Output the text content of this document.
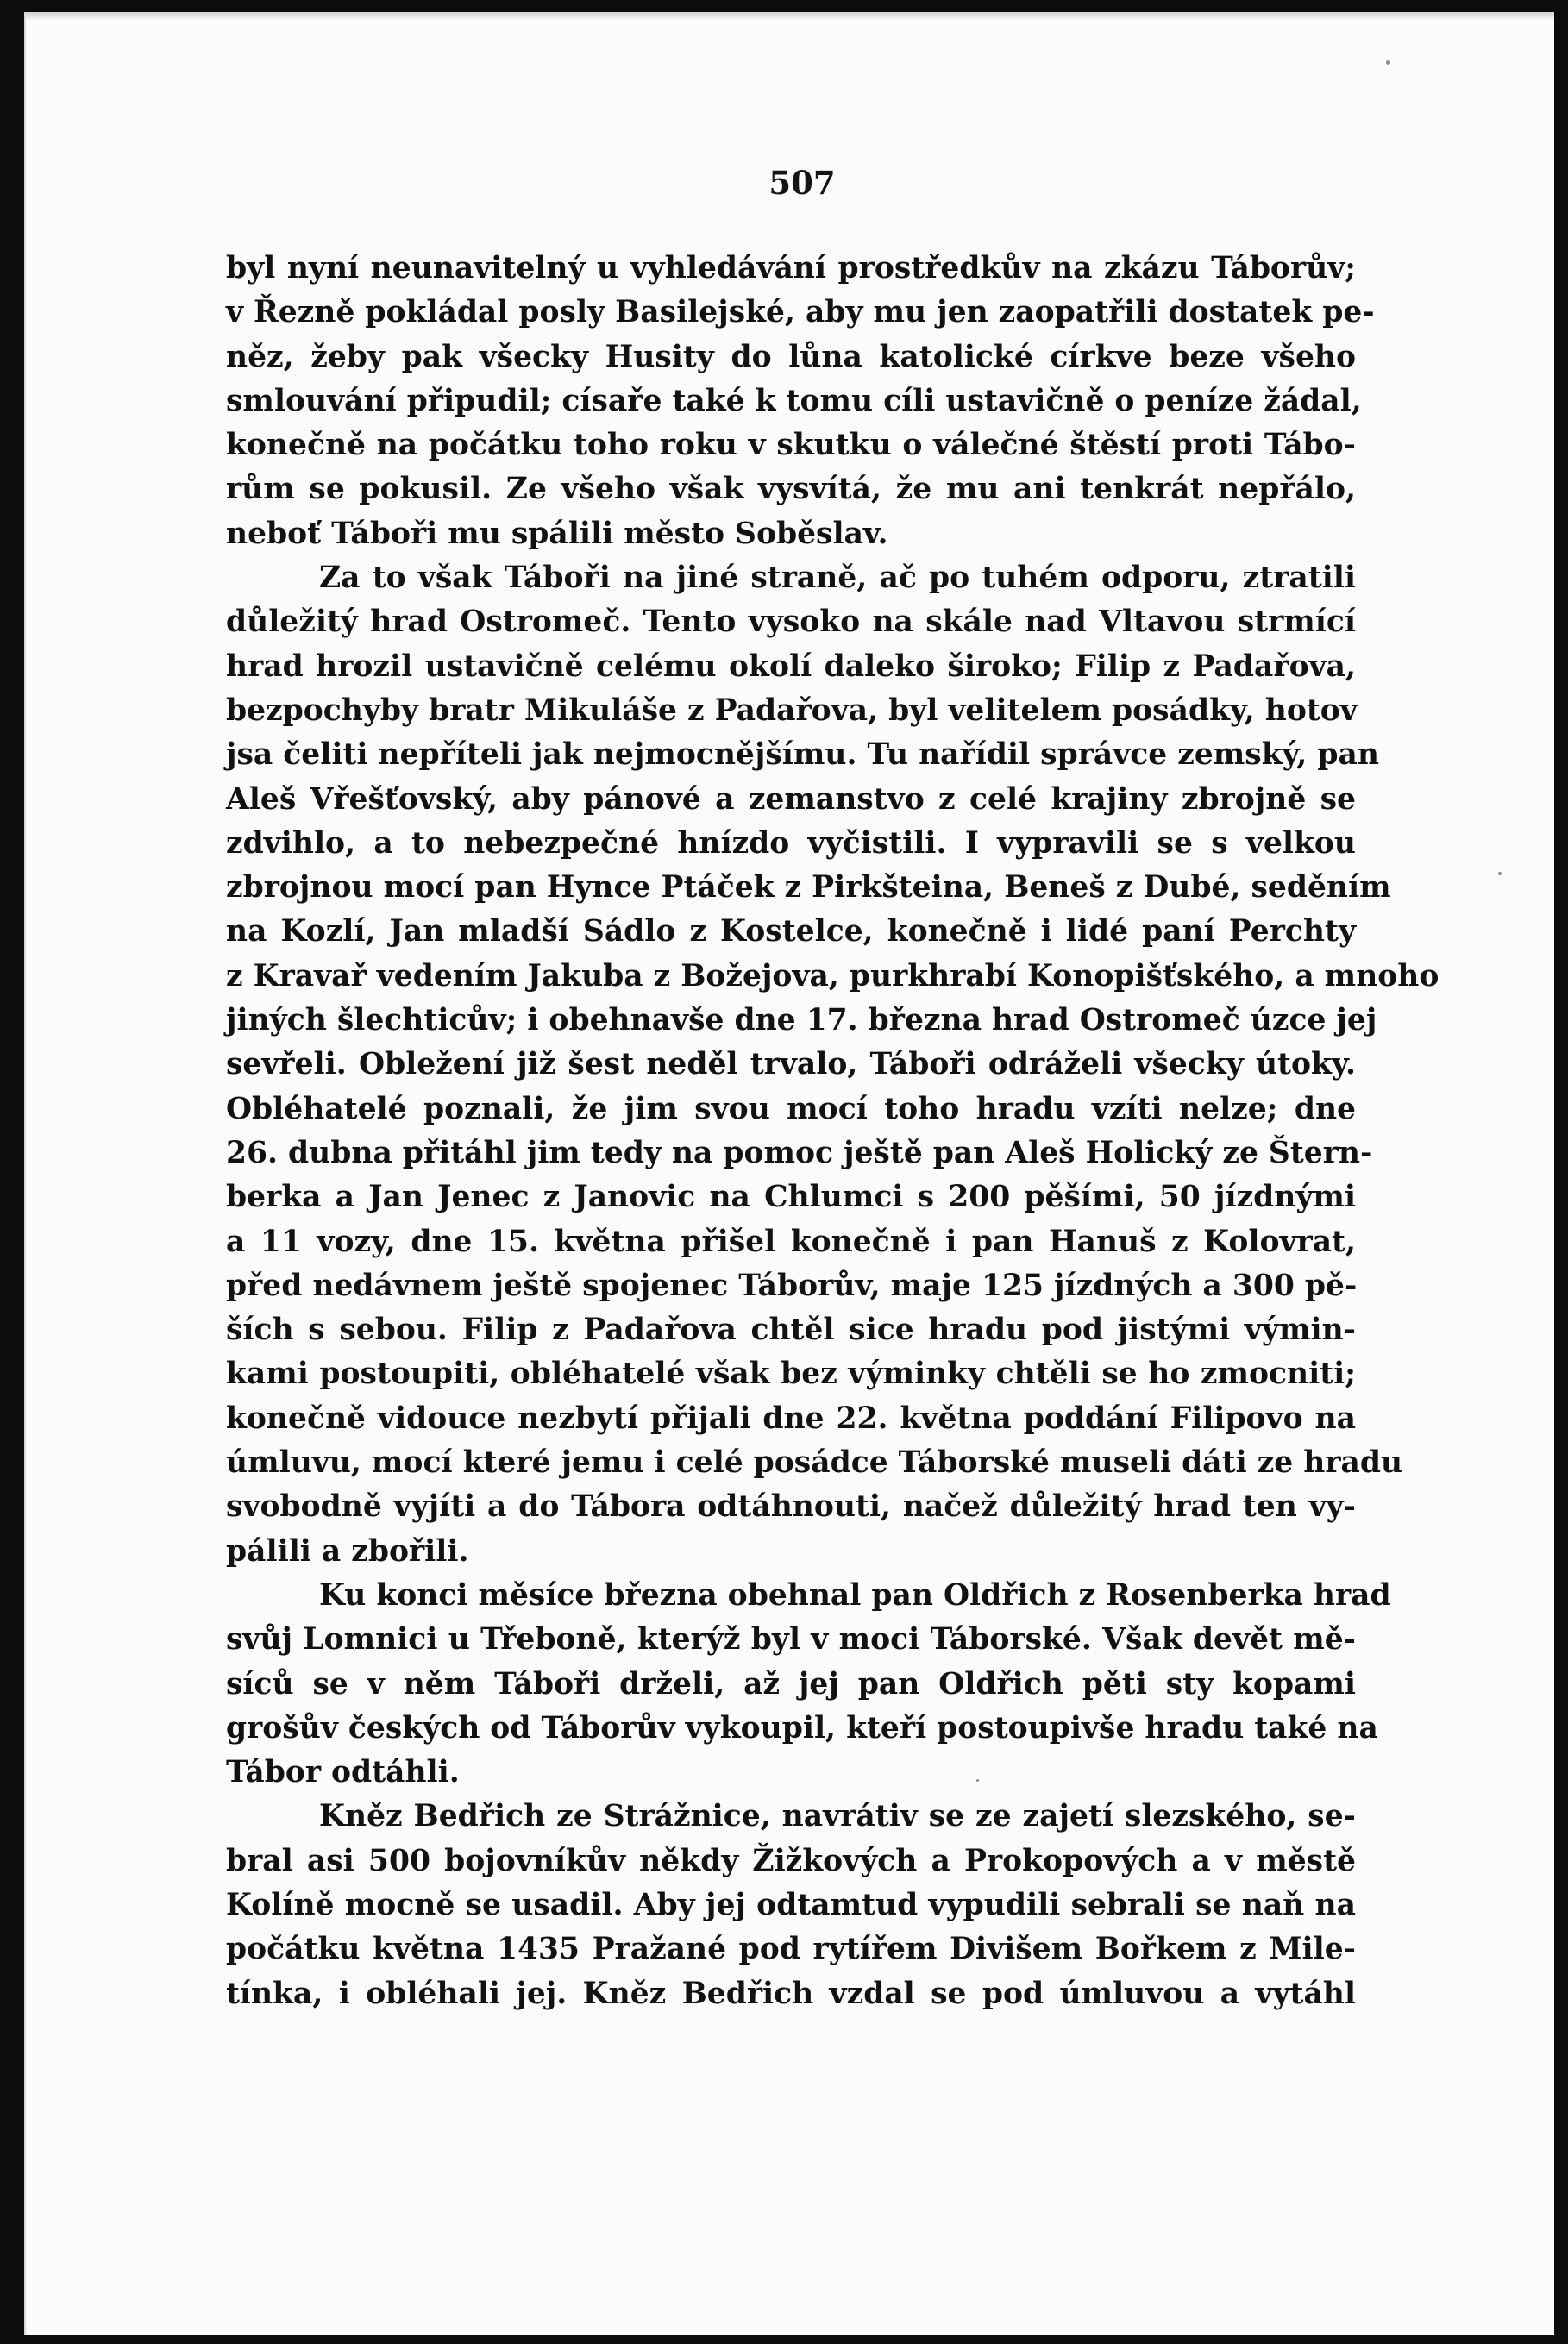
507
byl nyní neunavitelný u vyhledávání prostředkův na zkázu Táborův;
v Řezně pokládal posly Basilejské, aby mu jen zaopatřili dostatek pe-
něz, žeby pak všecky Husity do lůna katolické církve beze všeho
smlouvání připudil; císaře také k tomu cíli ustavičně o peníze žádal,
konečně na počátku toho roku v skutku o válečné štěstí proti Tábo-
rům se pokusil. Ze všeho však vysvítá, že mu ani tenkrát nepřálo,
neboť Táboři mu spálili město Soběslav.
Za to však Táboři na jiné straně, ač po tuhém odporu, ztratili
důležitý hrad Ostromeč. Tento vysoko na skále nad Vltavou strmící
hrad hrozil ustavičně celému okolí daleko široko; Filip z Padařova,
bezpochyby bratr Mikuláše z Padařova, byl velitelem posádky, hotov
jsa čeliti nepříteli jak nejmocnějšímu. Tu nařídil správce zemský, pan
Aleš Vřešťovský, aby pánové a zemanstvo z celé krajiny zbrojně se
zdvihlo, a to nebezpečné hnízdo vyčistili. I vypravili se s velkou
zbrojnou mocí pan Hynce Ptáček z Pirkšteina, Beneš z Dubé, seděním
na Kozlí, Jan mladší Sádlo z Kostelce, konečně i lidé paní Perchty
z Kravař vedením Jakuba z Božejova, purkhrabí Konopišťského, a mnoho
jiných šlechticův; i obehnavše dne 17. března hrad Ostromeč úzce jej
sevřeli. Obležení již šest neděl trvalo, Táboři odráželi všecky útoky.
Obléhatelé poznali, že jim svou mocí toho hradu vzíti nelze; dne
26. dubna přitáhl jim tedy na pomoc ještě pan Aleš Holický ze Štern-
berka a Jan Jenec z Janovic na Chlumci s 200 pěšími, 50 jízdnými
a 11 vozy, dne 15. května přišel konečně i pan Hanuš z Kolovrat,
před nedávnem ještě spojenec Táborův, maje 125 jízdných a 300 pě-
ších s sebou. Filip z Padařova chtěl sice hradu pod jistými výmin-
kami postoupiti, obléhatelé však bez výminky chtěli se ho zmocniti;
konečně vidouce nezbytí přijali dne 22. května poddání Filipovo na
úmluvu, mocí které jemu i celé posádce Táborské museli dáti ze hradu
svobodně vyjíti a do Tábora odtáhnouti, načež důležitý hrad ten vy-
pálili a zbořili.
Ku konci měsíce března obehnal pan Oldřich z Rosenberka hrad
svůj Lomnici u Třeboně, kterýž byl v moci Táborské. Však devět mě-
síců se v něm Táboři drželi, až jej pan Oldřich pěti sty kopami
grošův českých od Táborův vykoupil, kteří postoupivše hradu také na
Tábor odtáhli.
Kněz Bedřich ze Strážnice, navrátiv se ze zajetí slezského, se-
bral asi 500 bojovníkův někdy Žižkových a Prokopových a v městě
Kolíně mocně se usadil. Aby jej odtamtud vypudili sebrali se naň na
počátku května 1435 Pražané pod rytířem Divišem Bořkem z Mile-
tínka, i obléhali jej. Kněz Bedřich vzdal se pod úmluvou a vytáhl
